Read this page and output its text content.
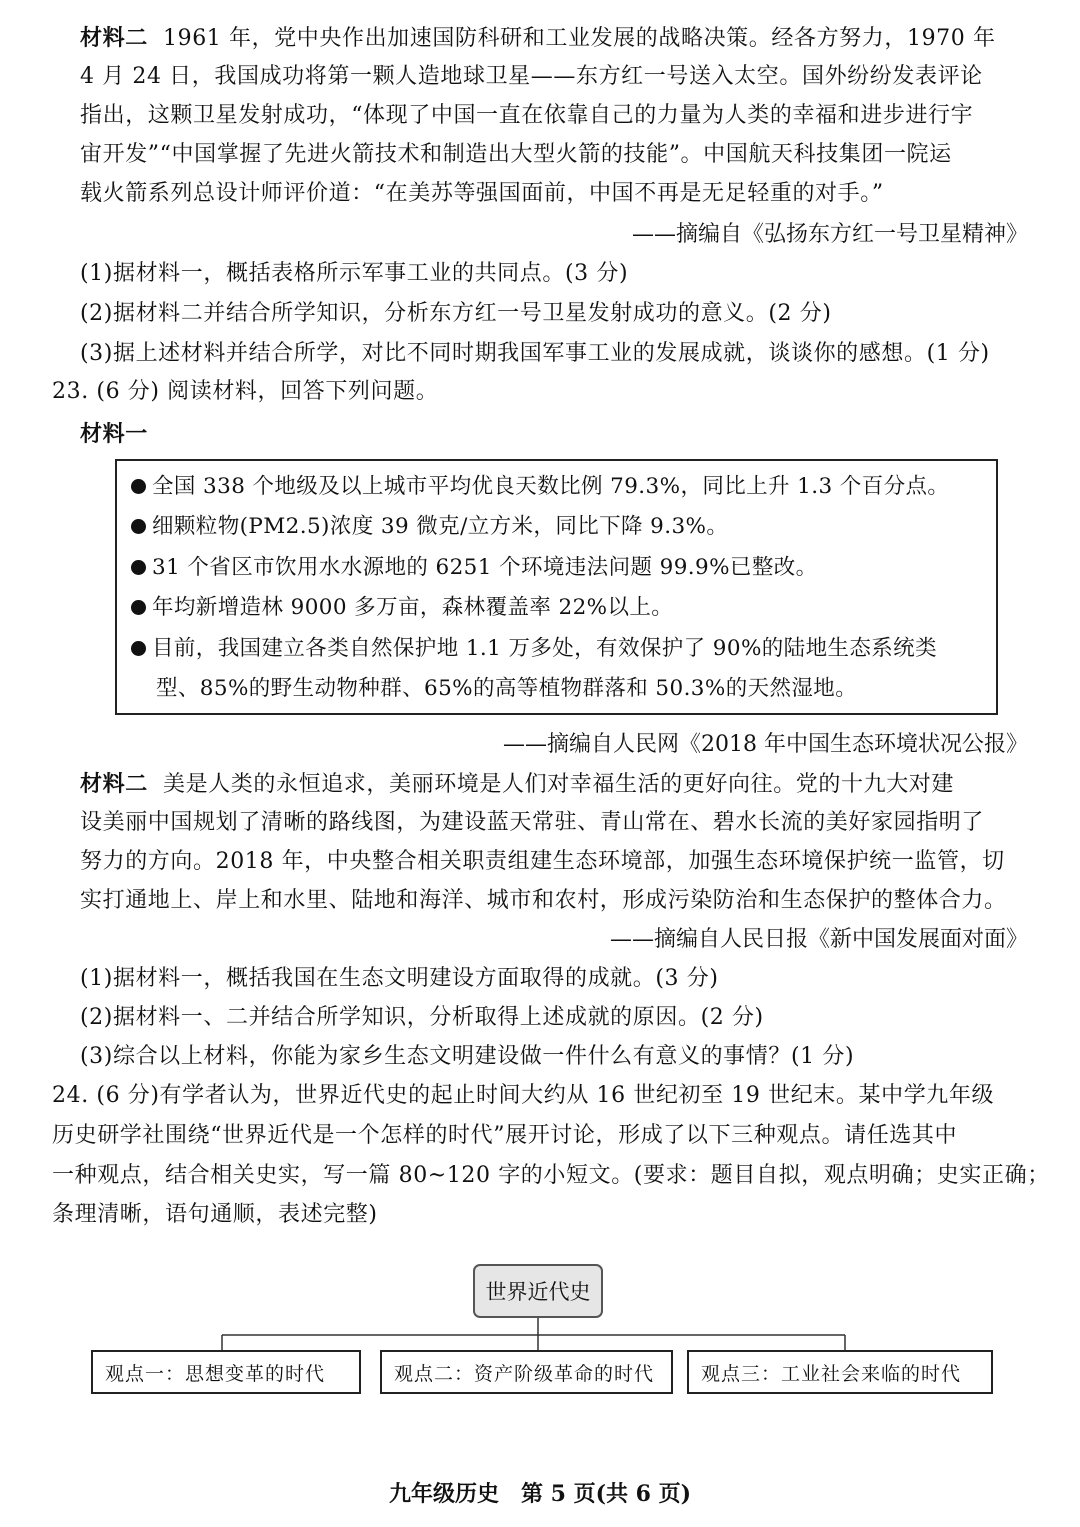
材料二 1961 年，党中央作出加速国防科研和工业发展的战略决策。经各方努力，1970 年
4 月 24 日，我国成功将第一颗人造地球卫星——东方红一号送入太空。国外纷纷发表评论
指出，这颗卫星发射成功，“体现了中国一直在依靠自己的力量为人类的幸福和进步进行宇
宙开发”“中国掌握了先进火箭技术和制造出大型火箭的技能”。中国航天科技集团一院运
载火箭系列总设计师评价道：“在美苏等强国面前，中国不再是无足轻重的对手。”
——摘编自《弘扬东方红一号卫星精神》
(1)据材料一，概括表格所示军事工业的共同点。(3 分)
(2)据材料二并结合所学知识，分析东方红一号卫星发射成功的意义。(2 分)
(3)据上述材料并结合所学，对比不同时期我国军事工业的发展成就，谈谈你的感想。(1 分)
23. (6 分) 阅读材料，回答下列问题。
材料一
全国 338 个地级及以上城市平均优良天数比例 79.3%，同比上升 1.3 个百分点。
细颗粒物(PM2.5)浓度 39 微克/立方米，同比下降 9.3%。
31 个省区市饮用水水源地的 6251 个环境违法问题 99.9%已整改。
年均新增造林 9000 多万亩，森林覆盖率 22%以上。
目前，我国建立各类自然保护地 1.1 万多处，有效保护了 90%的陆地生态系统类
型、85%的野生动物种群、65%的高等植物群落和 50.3%的天然湿地。
——摘编自人民网《2018 年中国生态环境状况公报》
材料二 美是人类的永恒追求，美丽环境是人们对幸福生活的更好向往。党的十九大对建
设美丽中国规划了清晰的路线图，为建设蓝天常驻、青山常在、碧水长流的美好家园指明了
努力的方向。2018 年，中央整合相关职责组建生态环境部，加强生态环境保护统一监管，切
实打通地上、岸上和水里、陆地和海洋、城市和农村，形成污染防治和生态保护的整体合力。
——摘编自人民日报《新中国发展面对面》
(1)据材料一，概括我国在生态文明建设方面取得的成就。(3 分)
(2)据材料一、二并结合所学知识，分析取得上述成就的原因。(2 分)
(3)综合以上材料，你能为家乡生态文明建设做一件什么有意义的事情？(1 分)
24. (6 分)有学者认为，世界近代史的起止时间大约从 16 世纪初至 19 世纪末。某中学九年级
历史研学社围绕“世界近代是一个怎样的时代”展开讨论，形成了以下三种观点。请任选其中
一种观点，结合相关史实，写一篇 80~120 字的小短文。(要求：题目自拟，观点明确；史实正确；
条理清晰，语句通顺，表述完整)
世界近代史
观点一：思想变革的时代	观点二：资产阶级革命的时代	观点三：工业社会来临的时代
九年级历史　第 5 页(共 6 页)
